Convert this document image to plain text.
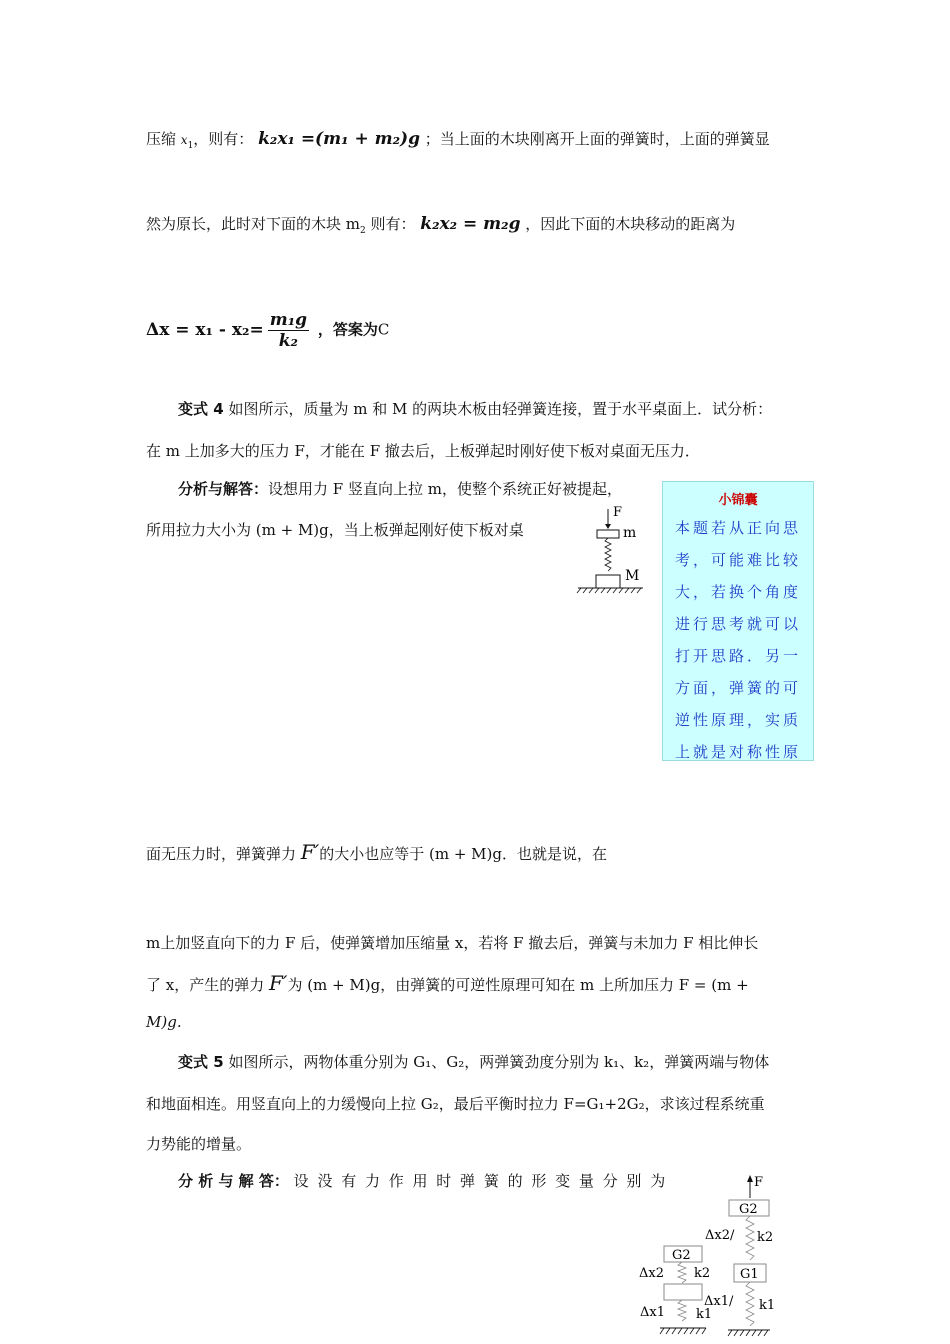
压缩 $x_1$，则有： k₂x₁ =(m₁ + m₂)g ；当上面的木块刚离开上面的弹簧时，上面的弹簧显
然为原长，此时对下面的木块 $m_2$ 则有： k₂x₂ = m₂g ，因此下面的木块移动的距离为
$\Delta x = x_1 - x_2= \frac{\text{m₁g}}{\text{k₂}}$ ，答案为C
变式 4 如图所示，质量为 m 和 M 的两块木板由轻弹簧连接，置于水平桌面上．试分析：
在 m 上加多大的压力 F，才能在 F 撤去后，上板弹起时刚好使下板对桌面无压力．
分析与解答：设想用力 F 竖直向上拉 m，使整个系统正好被提起，
所用拉力大小为 (m + M)g，当上板弹起刚好使下板对桌
F
m
M
小锦囊
本题若从正向思
考，可能难比较
大，若换个角度
进行思考就可以
打开思路．另一
方面，弹簧的可
逆性原理，实质
上就是对称性原
面无压力时，弹簧弹力 F′的大小也应等于 (m + M)g．也就是说，在
m上加竖直向下的力 F 后，使弹簧增加压缩量 x，若将 F 撤去后，弹簧与未加力 F 相比伸长
了 x，产生的弹力 F′为 (m + M)g，由弹簧的可逆性原理可知在 m 上所加压力 F = (m +
M)g.
变式 5 如图所示，两物体重分别为 G₁、G₂，两弹簧劲度分别为 k₁、k₂，弹簧两端与物体
和地面相连。用竖直向上的力缓慢向上拉 G₂，最后平衡时拉力 F=G₁+2G₂，求该过程系统重
力势能的增量。
分 析 与 解 答： 设 没 有 力 作 用 时 弹 簧 的 形 变 量 分 别 为	F
G2
Δx2/ k2
G1
Δx1/ k1
G2
Δx2 k2
Δx1 k1
